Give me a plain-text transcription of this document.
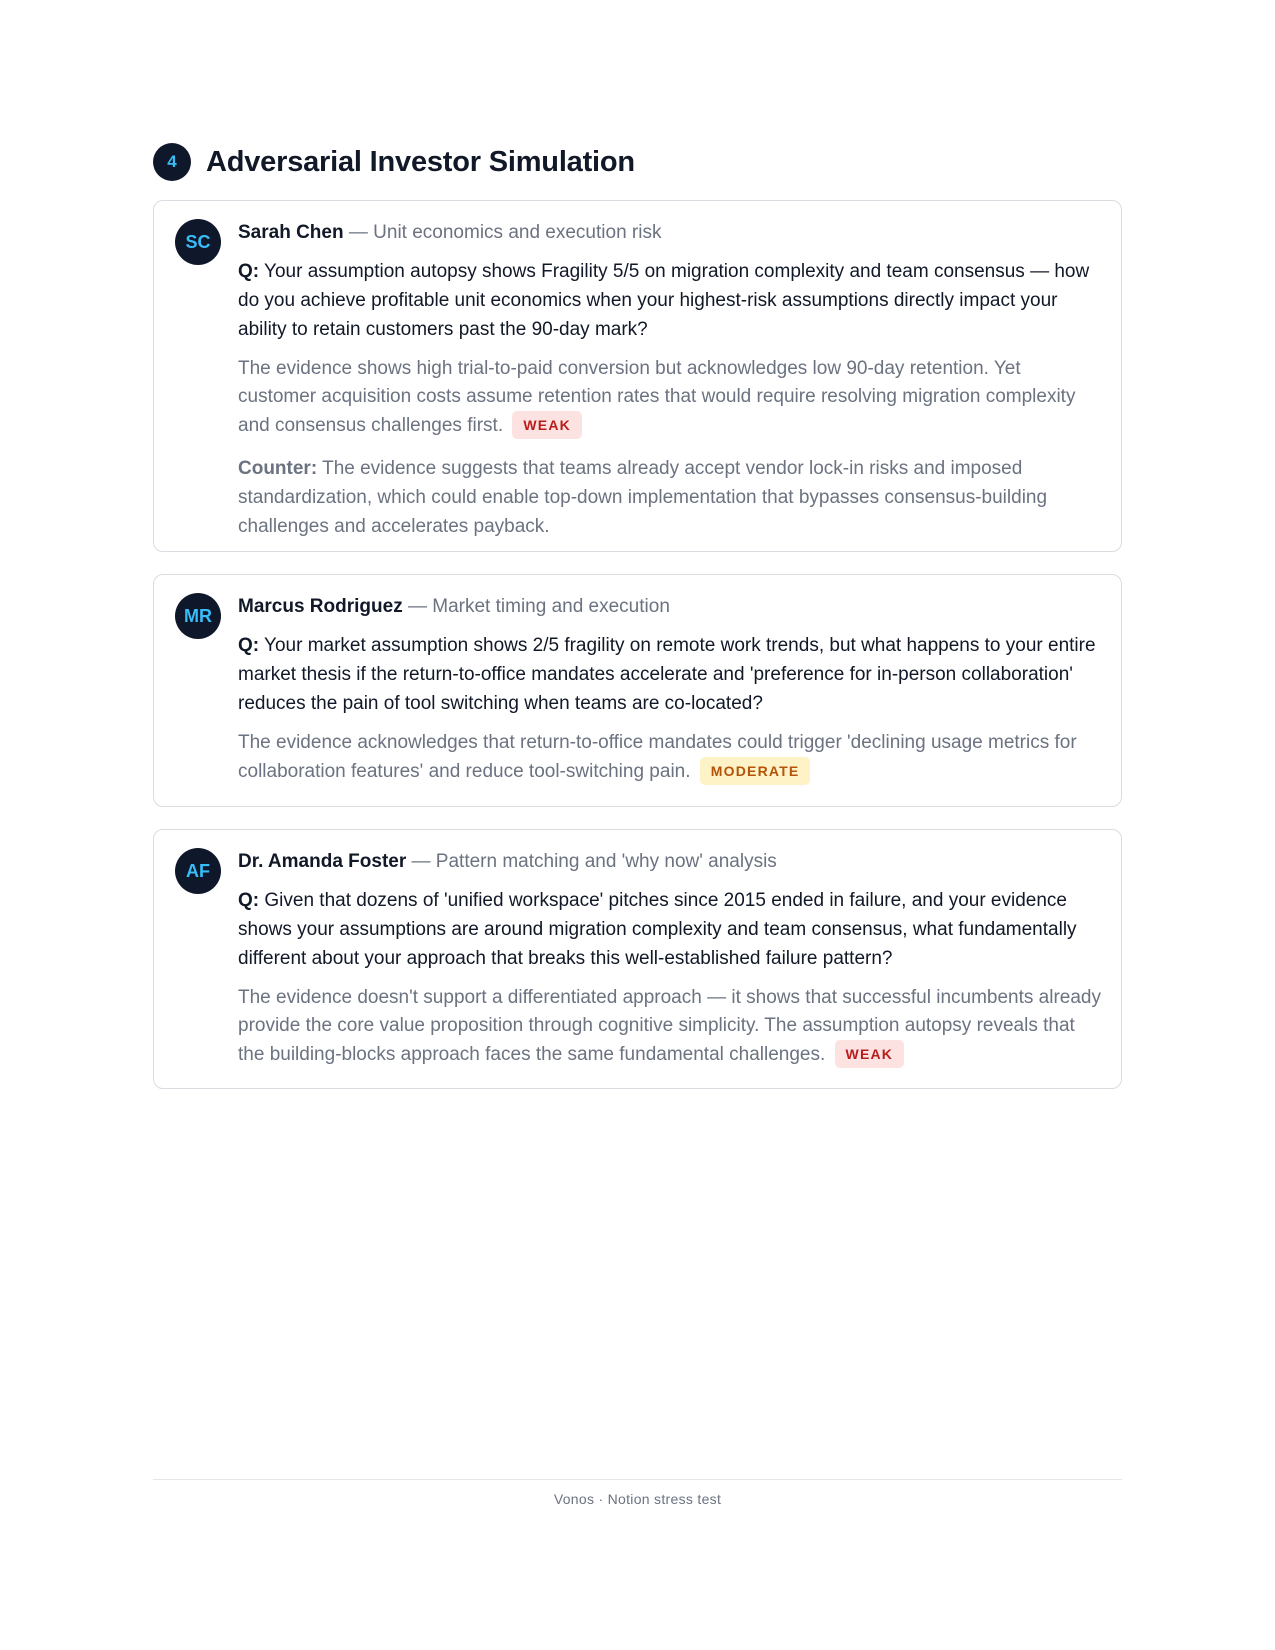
4	Adversarial Investor Simulation
SC	Sarah Chen — Unit economics and execution risk
Q: Your assumption autopsy shows Fragility 5/5 on migration complexity and team consensus — how do you achieve profitable unit economics when your highest-risk assumptions directly impact your ability to retain customers past the 90-day mark?
The evidence shows high trial-to-paid conversion but acknowledges low 90-day retention. Yet customer acquisition costs assume retention rates that would require resolving migration complexity and consensus challenges first. WEAK
Counter: The evidence suggests that teams already accept vendor lock-in risks and imposed standardization, which could enable top-down implementation that bypasses consensus-building challenges and accelerates payback.
MR	Marcus Rodriguez — Market timing and execution
Q: Your market assumption shows 2/5 fragility on remote work trends, but what happens to your entire market thesis if the return-to-office mandates accelerate and 'preference for in-person collaboration' reduces the pain of tool switching when teams are co-located?
The evidence acknowledges that return-to-office mandates could trigger 'declining usage metrics for collaboration features' and reduce tool-switching pain. MODERATE
AF	Dr. Amanda Foster — Pattern matching and 'why now' analysis
Q: Given that dozens of 'unified workspace' pitches since 2015 ended in failure, and your evidence shows your assumptions are around migration complexity and team consensus, what fundamentally different about your approach that breaks this well-established failure pattern?
The evidence doesn't support a differentiated approach — it shows that successful incumbents already provide the core value proposition through cognitive simplicity. The assumption autopsy reveals that the building-blocks approach faces the same fundamental challenges. WEAK
Vonos · Notion stress test
